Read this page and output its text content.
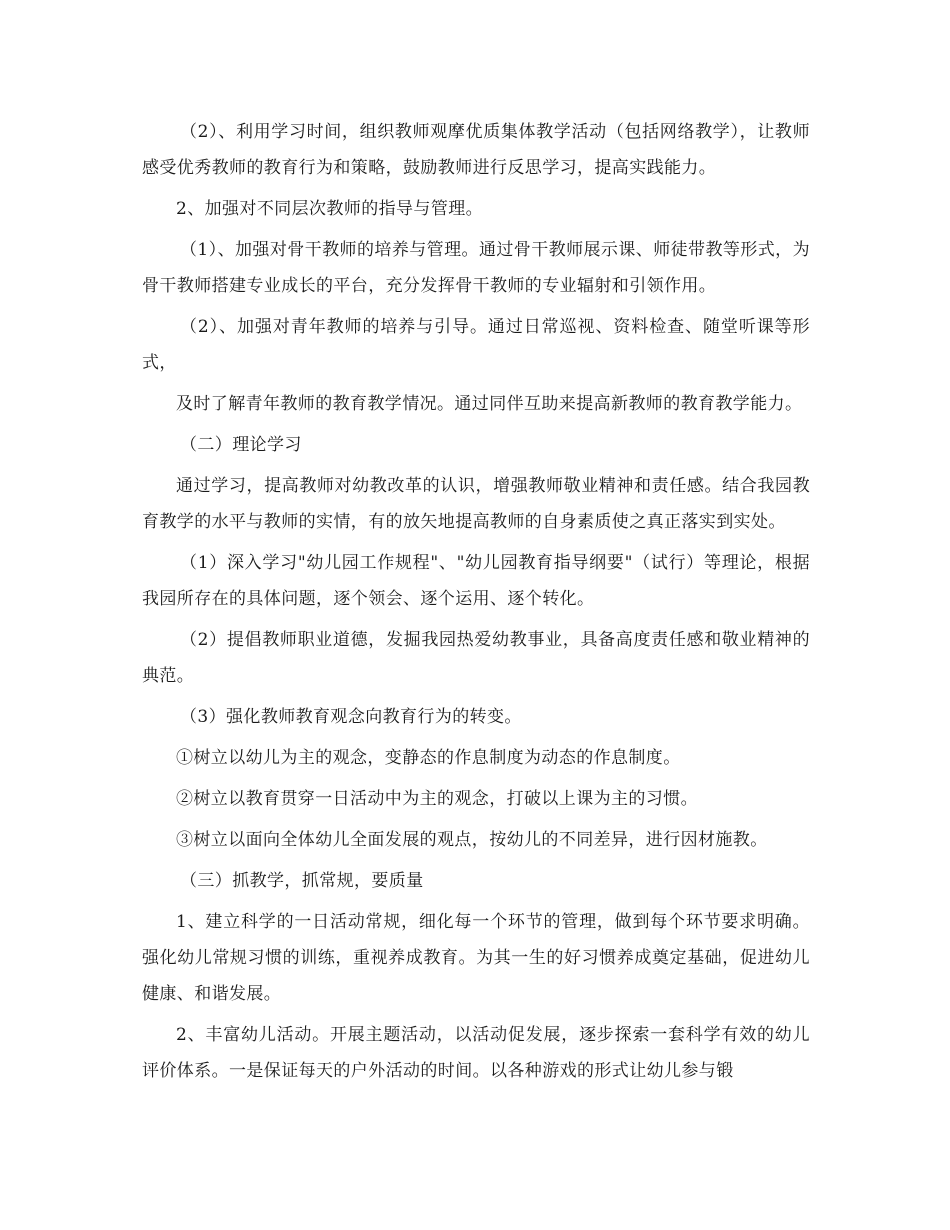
（2）、利用学习时间，组织教师观摩优质集体教学活动（包括网络教学），让教师感受优秀教师的教育行为和策略，鼓励教师进行反思学习，提高实践能力。

2、加强对不同层次教师的指导与管理。

（1）、加强对骨干教师的培养与管理。通过骨干教师展示课、师徒带教等形式，为骨干教师搭建专业成长的平台，充分发挥骨干教师的专业辐射和引领作用。

（2）、加强对青年教师的培养与引导。通过日常巡视、资料检查、随堂听课等形式，

及时了解青年教师的教育教学情况。通过同伴互助来提高新教师的教育教学能力。

（二）理论学习

通过学习，提高教师对幼教改革的认识，增强教师敬业精神和责任感。结合我园教育教学的水平与教师的实情，有的放矢地提高教师的自身素质使之真正落实到实处。

（1）深入学习"幼儿园工作规程"、"幼儿园教育指导纲要"（试行）等理论，根据我园所存在的具体问题，逐个领会、逐个运用、逐个转化。

（2）提倡教师职业道德，发掘我园热爱幼教事业，具备高度责任感和敬业精神的典范。

（3）强化教师教育观念向教育行为的转变。

①树立以幼儿为主的观念，变静态的作息制度为动态的作息制度。

②树立以教育贯穿一日活动中为主的观念，打破以上课为主的习惯。

③树立以面向全体幼儿全面发展的观点，按幼儿的不同差异，进行因材施教。

（三）抓教学，抓常规，要质量

1、建立科学的一日活动常规，细化每一个环节的管理，做到每个环节要求明确。强化幼儿常规习惯的训练，重视养成教育。为其一生的好习惯养成奠定基础，促进幼儿健康、和谐发展。

2、丰富幼儿活动。开展主题活动，以活动促发展，逐步探索一套科学有效的幼儿评价体系。一是保证每天的户外活动的时间。以各种游戏的形式让幼儿参与锻
